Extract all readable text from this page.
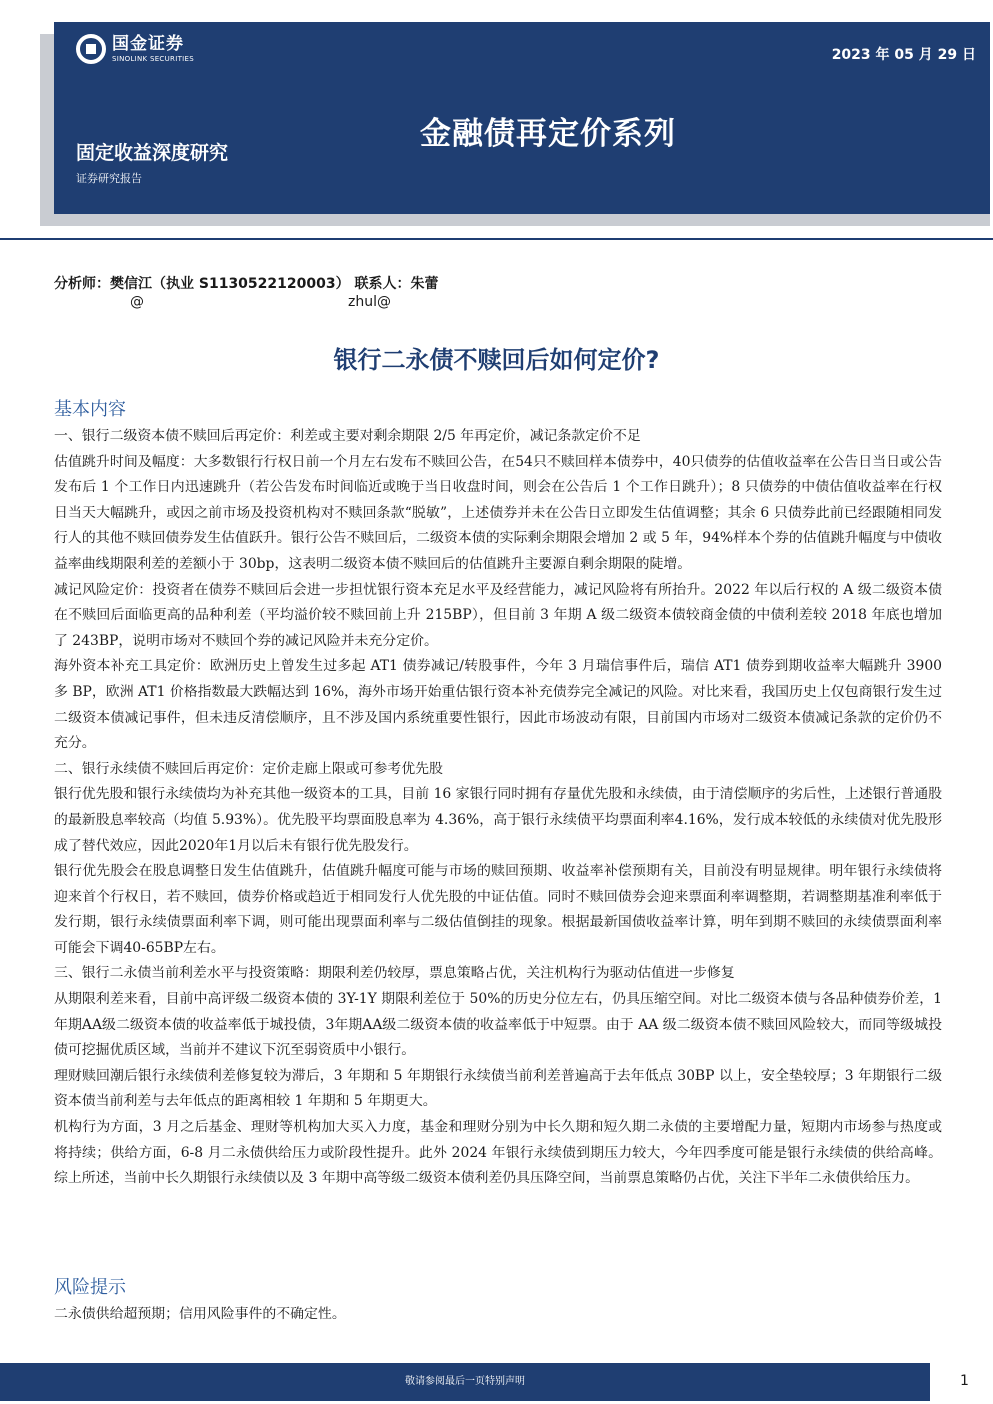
国金证券
SINOLINK SECURITIES	2023 年 05 月 29 日
金融债再定价系列
固定收益深度研究
证券研究报告
分析师：樊信江（执业 S1130522120003） 联系人：朱蕾
@	zhul@
银行二永债不赎回后如何定价?
基本内容

一、银行二级资本债不赎回后再定价：利差或主要对剩余期限 2/5 年再定价，减记条款定价不足

估值跳升时间及幅度：大多数银行行权日前一个月左右发布不赎回公告，在54只不赎回样本债券中，40只债券的估值收益率在公告日当日或公告发布后 1 个工作日内迅速跳升（若公告发布时间临近或晚于当日收盘时间，则会在公告后 1 个工作日跳升）；8 只债券的中债估值收益率在行权日当天大幅跳升，或因之前市场及投资机构对不赎回条款“脱敏”，上述债券并未在公告日立即发生估值调整；其余 6 只债券此前已经跟随相同发行人的其他不赎回债券发生估值跃升。银行公告不赎回后，二级资本债的实际剩余期限会增加 2 或 5 年，94%样本个券的估值跳升幅度与中债收益率曲线期限利差的差额小于 30bp，这表明二级资本债不赎回后的估值跳升主要源自剩余期限的陡增。

减记风险定价：投资者在债券不赎回后会进一步担忧银行资本充足水平及经营能力，减记风险将有所抬升。2022 年以后行权的 A 级二级资本债在不赎回后面临更高的品种利差（平均溢价较不赎回前上升 215BP），但目前 3 年期 A 级二级资本债较商金债的中债利差较 2018 年底也增加了 243BP，说明市场对不赎回个券的减记风险并未充分定价。

海外资本补充工具定价：欧洲历史上曾发生过多起 AT1 债券减记/转股事件，今年 3 月瑞信事件后，瑞信 AT1 债券到期收益率大幅跳升 3900 多 BP，欧洲 AT1 价格指数最大跌幅达到 16%，海外市场开始重估银行资本补充债券完全减记的风险。对比来看，我国历史上仅包商银行发生过二级资本债减记事件，但未违反清偿顺序，且不涉及国内系统重要性银行，因此市场波动有限，目前国内市场对二级资本债减记条款的定价仍不充分。

二、银行永续债不赎回后再定价：定价走廊上限或可参考优先股

银行优先股和银行永续债均为补充其他一级资本的工具，目前 16 家银行同时拥有存量优先股和永续债，由于清偿顺序的劣后性，上述银行普通股的最新股息率较高（均值 5.93%）。优先股平均票面股息率为 4.36%，高于银行永续债平均票面利率4.16%，发行成本较低的永续债对优先股形成了替代效应，因此2020年1月以后未有银行优先股发行。

银行优先股会在股息调整日发生估值跳升，估值跳升幅度可能与市场的赎回预期、收益率补偿预期有关，目前没有明显规律。明年银行永续债将迎来首个行权日，若不赎回，债券价格或趋近于相同发行人优先股的中证估值。同时不赎回债券会迎来票面利率调整期，若调整期基准利率低于发行期，银行永续债票面利率下调，则可能出现票面利率与二级估值倒挂的现象。根据最新国债收益率计算，明年到期不赎回的永续债票面利率可能会下调40-65BP左右。

三、银行二永债当前利差水平与投资策略：期限利差仍较厚，票息策略占优，关注机构行为驱动估值进一步修复

从期限利差来看，目前中高评级二级资本债的 3Y-1Y 期限利差位于 50%的历史分位左右，仍具压缩空间。对比二级资本债与各品种债券价差，1年期AA级二级资本债的收益率低于城投债，3年期AA级二级资本债的收益率低于中短票。由于 AA 级二级资本债不赎回风险较大，而同等级城投债可挖掘优质区域，当前并不建议下沉至弱资质中小银行。

理财赎回潮后银行永续债利差修复较为滞后，3 年期和 5 年期银行永续债当前利差普遍高于去年低点 30BP 以上，安全垫较厚；3 年期银行二级资本债当前利差与去年低点的距离相较 1 年期和 5 年期更大。

机构行为方面，3 月之后基金、理财等机构加大买入力度，基金和理财分别为中长久期和短久期二永债的主要增配力量，短期内市场参与热度或将持续；供给方面，6-8 月二永债供给压力或阶段性提升。此外 2024 年银行永续债到期压力较大，今年四季度可能是银行永续债的供给高峰。综上所述，当前中长久期银行永续债以及 3 年期中高等级二级资本债利差仍具压降空间，当前票息策略仍占优，关注下半年二永债供给压力。

风险提示
二永债供给超预期；信用风险事件的不确定性。
敬请参阅最后一页特别声明	1
